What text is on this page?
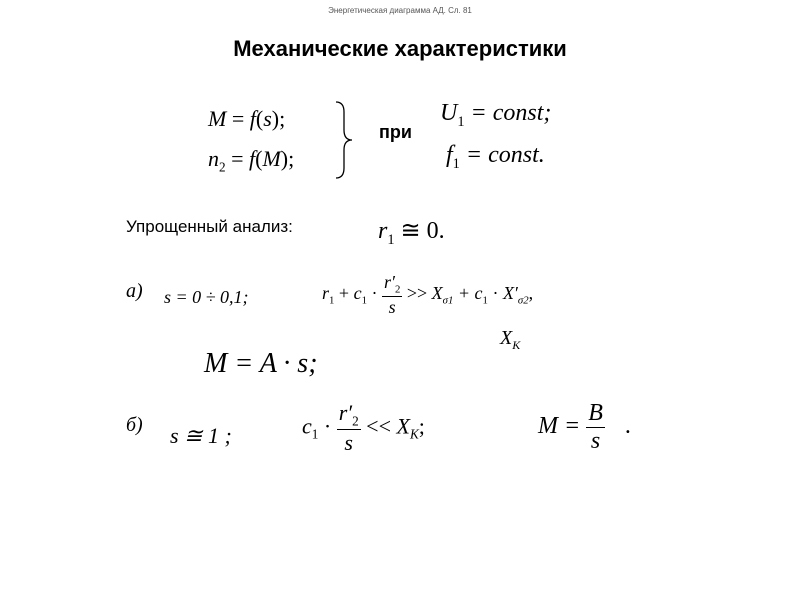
Энергетическая диаграмма АД. Сл. 81
Механические характеристики
M = f(s);
$n_2 = f(M)$;
при
$U_1$ = const;
$f_1$ = const.
Упрощенный анализ:	$r_1$ ≅ 0.
а) s = 0 ÷ 0,1;	$r_1 + c_1 \cdot \frac{r'_2}{s} >> X_{\sigma 1} + c_1 \cdot X'_{\sigma 2}$,
$X_К$
M = A · s;
б) s ≅ 1 ;	$c_1 \cdot \frac{r'_2}{s} << X_К$;	$M = \frac{B}{s}$ .
